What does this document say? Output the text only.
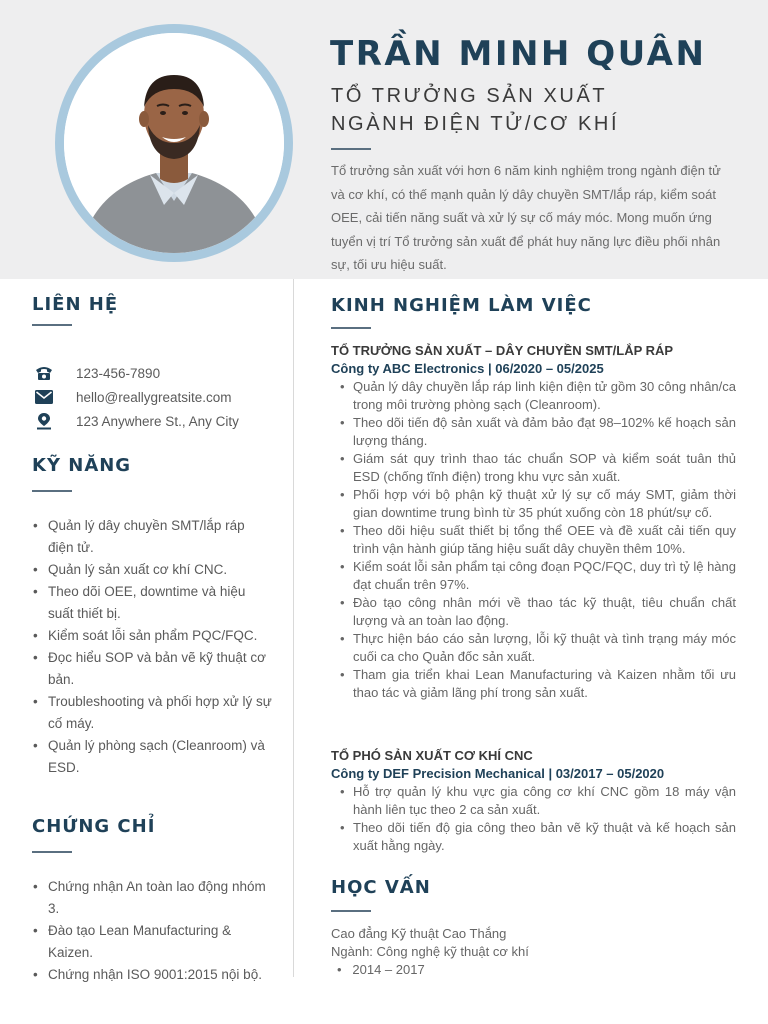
TRẦN MINH QUÂN
TỔ TRƯỞNG SẢN XUẤT
NGÀNH ĐIỆN TỬ/CƠ KHÍ
Tổ trưởng sản xuất với hơn 6 năm kinh nghiệm trong ngành điện tử và cơ khí, có thế mạnh quản lý dây chuyền SMT/lắp ráp, kiểm soát OEE, cải tiến năng suất và xử lý sự cố máy móc. Mong muốn ứng tuyển vị trí Tổ trưởng sản xuất để phát huy năng lực điều phối nhân sự, tối ưu hiệu suất.
LIÊN HỆ
123-456-7890
hello@reallygreatsite.com
123 Anywhere St., Any City
KỸ NĂNG
• Quản lý dây chuyền SMT/lắp ráp điện tử.
• Quản lý sản xuất cơ khí CNC.
• Theo dõi OEE, downtime và hiệu suất thiết bị.
• Kiểm soát lỗi sản phẩm PQC/FQC.
• Đọc hiểu SOP và bản vẽ kỹ thuật cơ bản.
• Troubleshooting và phối hợp xử lý sự cố máy.
• Quản lý phòng sạch (Cleanroom) và ESD.
CHỨNG CHỈ
• Chứng nhận An toàn lao động nhóm 3.
• Đào tạo Lean Manufacturing & Kaizen.
• Chứng nhận ISO 9001:2015 nội bộ.
KINH NGHIỆM LÀM VIỆC
TỔ TRƯỞNG SẢN XUẤT – DÂY CHUYỀN SMT/LẮP RÁP
Công ty ABC Electronics | 06/2020 – 05/2025
• Quản lý dây chuyền lắp ráp linh kiện điện tử gồm 30 công nhân/ca trong môi trường phòng sạch (Cleanroom).
• Theo dõi tiến độ sản xuất và đảm bảo đạt 98–102% kế hoạch sản lượng tháng.
• Giám sát quy trình thao tác chuẩn SOP và kiểm soát tuân thủ ESD (chống tĩnh điện) trong khu vực sản xuất.
• Phối hợp với bộ phận kỹ thuật xử lý sự cố máy SMT, giảm thời gian downtime trung bình từ 35 phút xuống còn 18 phút/sự cố.
• Theo dõi hiệu suất thiết bị tổng thể OEE và đề xuất cải tiến quy trình vận hành giúp tăng hiệu suất dây chuyền thêm 10%.
• Kiểm soát lỗi sản phẩm tại công đoạn PQC/FQC, duy trì tỷ lệ hàng đạt chuẩn trên 97%.
• Đào tạo công nhân mới về thao tác kỹ thuật, tiêu chuẩn chất lượng và an toàn lao động.
• Thực hiện báo cáo sản lượng, lỗi kỹ thuật và tình trạng máy móc cuối ca cho Quản đốc sản xuất.
• Tham gia triển khai Lean Manufacturing và Kaizen nhằm tối ưu thao tác và giảm lãng phí trong sản xuất.
TỔ PHÓ SẢN XUẤT CƠ KHÍ CNC
Công ty DEF Precision Mechanical | 03/2017 – 05/2020
• Hỗ trợ quản lý khu vực gia công cơ khí CNC gồm 18 máy vận hành liên tục theo 2 ca sản xuất.
• Theo dõi tiến độ gia công theo bản vẽ kỹ thuật và kế hoạch sản xuất hằng ngày.
HỌC VẤN
Cao đẳng Kỹ thuật Cao Thắng
Ngành: Công nghệ kỹ thuật cơ khí
•   2014 – 2017
